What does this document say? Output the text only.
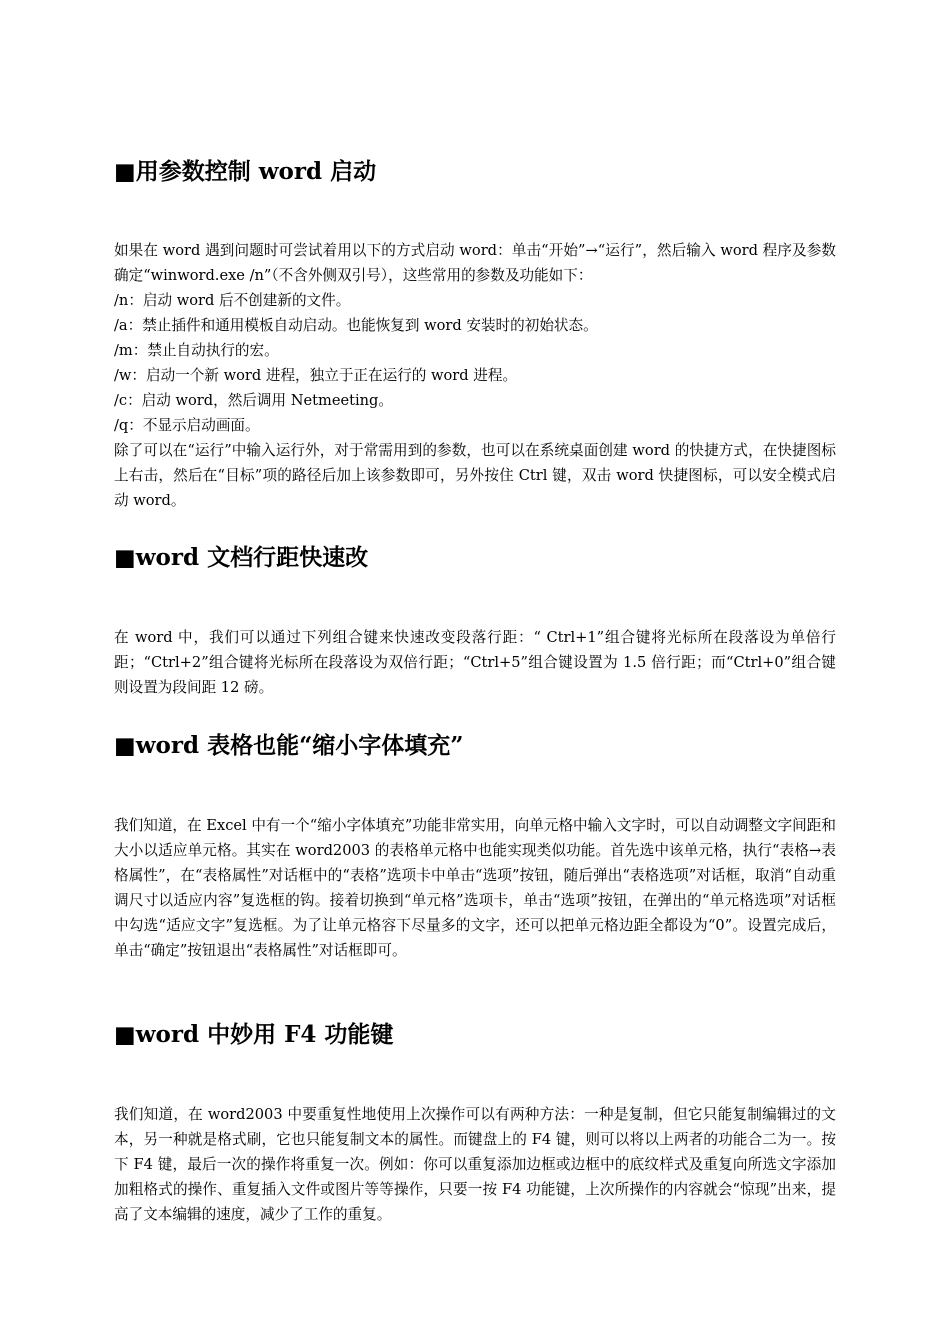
■用参数控制 word 启动

如果在 word 遇到问题时可尝试着用以下的方式启动 word：单击“开始”→“运行”，然后输入 word 程序及参数确定“winword.exe /n”（不含外侧双引号），这些常用的参数及功能如下：

/n：启动 word 后不创建新的文件。

/a：禁止插件和通用模板自动启动。也能恢复到 word 安装时的初始状态。

/m：禁止自动执行的宏。

/w：启动一个新 word 进程，独立于正在运行的 word 进程。

/c：启动 word，然后调用 Netmeeting。

/q：不显示启动画面。

除了可以在“运行”中输入运行外，对于常需用到的参数，也可以在系统桌面创建 word 的快捷方式，在快捷图标上右击，然后在“目标”项的路径后加上该参数即可，另外按住 Ctrl 键，双击 word 快捷图标，可以安全模式启动 word。

■word 文档行距快速改

在 word 中，我们可以通过下列组合键来快速改变段落行距：“ Ctrl+1”组合键将光标所在段落设为单倍行距；“Ctrl+2”组合键将光标所在段落设为双倍行距；“Ctrl+5”组合键设置为 1.5 倍行距；而“Ctrl+0”组合键则设置为段间距 12 磅。

■word 表格也能“缩小字体填充”

我们知道，在 Excel 中有一个“缩小字体填充”功能非常实用，向单元格中输入文字时，可以自动调整文字间距和大小以适应单元格。其实在 word2003 的表格单元格中也能实现类似功能。首先选中该单元格，执行“表格→表格属性”，在“表格属性”对话框中的“表格”选项卡中单击“选项”按钮，随后弹出“表格选项”对话框，取消“自动重调尺寸以适应内容”复选框的钩。接着切换到“单元格”选项卡，单击“选项”按钮，在弹出的“单元格选项”对话框中勾选“适应文字”复选框。为了让单元格容下尽量多的文字，还可以把单元格边距全都设为“0”。设置完成后，单击“确定”按钮退出“表格属性”对话框即可。

■word 中妙用 F4 功能键

我们知道，在 word2003 中要重复性地使用上次操作可以有两种方法：一种是复制，但它只能复制编辑过的文本，另一种就是格式刷，它也只能复制文本的属性。而键盘上的 F4 键，则可以将以上两者的功能合二为一。按下 F4 键，最后一次的操作将重复一次。例如：你可以重复添加边框或边框中的底纹样式及重复向所选文字添加加粗格式的操作、重复插入文件或图片等等操作，只要一按 F4 功能键，上次所操作的内容就会“惊现”出来，提高了文本编辑的速度，减少了工作的重复。
